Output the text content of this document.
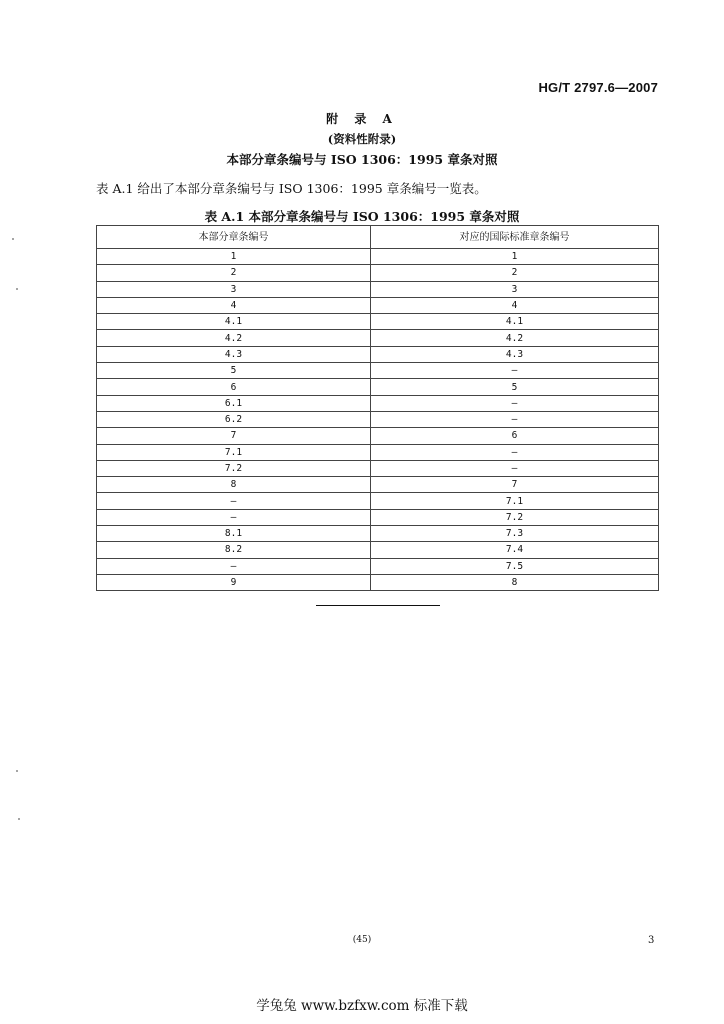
HG/T 2797.6—2007
附 录 A
(资料性附录)
本部分章条编号与 ISO 1306：1995 章条对照
表 A.1 给出了本部分章条编号与 ISO 1306：1995 章条编号一览表。
表 A.1 本部分章条编号与 ISO 1306：1995 章条对照
本部分章条编号	对应的国际标准章条编号
1	1
2	2
3	3
4	4
4.1	4.1
4.2	4.2
4.3	4.3
5	—
6	5
6.1	—
6.2	—
7	6
7.1	—
7.2	—
8	7
—	7.1
—	7.2
8.1	7.3
8.2	7.4
—	7.5
9	8
(45)	3
学兔兔 www.bzfxw.com 标准下载
